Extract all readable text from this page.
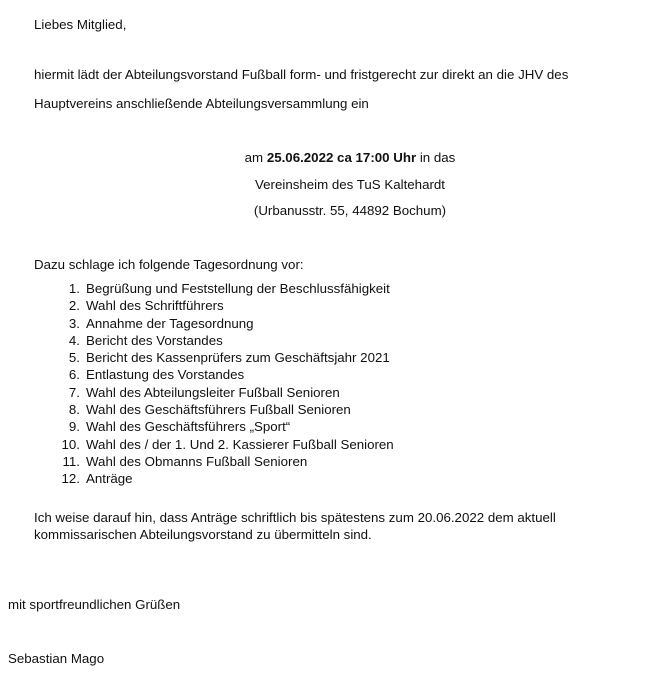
Liebes Mitglied,
hiermit lädt der Abteilungsvorstand Fußball form- und fristgerecht zur direkt an die JHV des
Hauptvereins anschließende Abteilungsversammlung ein
am 25.06.2022 ca 17:00 Uhr in das
Vereinsheim des TuS Kaltehardt
(Urbanusstr. 55, 44892 Bochum)
Dazu schlage ich folgende Tagesordnung vor:
1. Begrüßung und Feststellung der Beschlussfähigkeit
2. Wahl des Schriftführers
3. Annahme der Tagesordnung
4. Bericht des Vorstandes
5. Bericht des Kassenprüfers zum Geschäftsjahr 2021
6. Entlastung des Vorstandes
7. Wahl des Abteilungsleiter Fußball Senioren
8. Wahl des Geschäftsführers Fußball Senioren
9. Wahl des Geschäftsführers „Sport“
10. Wahl des / der 1. Und 2. Kassierer Fußball Senioren
11. Wahl des Obmanns Fußball Senioren
12. Anträge
Ich weise darauf hin, dass Anträge schriftlich bis spätestens zum 20.06.2022 dem aktuell
kommissarischen Abteilungsvorstand zu übermitteln sind.
mit sportfreundlichen Grüßen
Sebastian Mago
